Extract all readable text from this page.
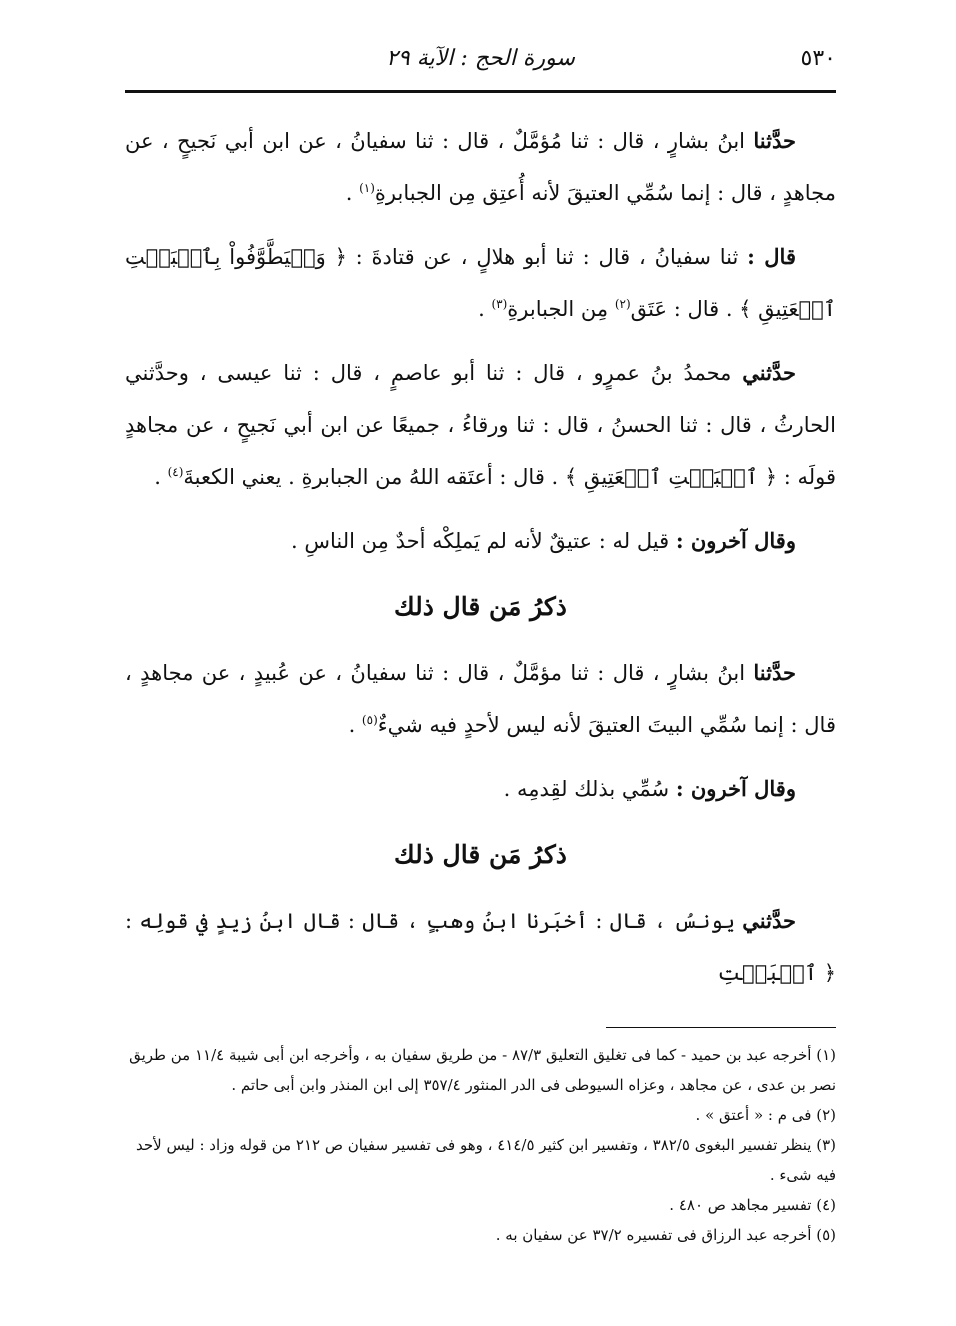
٥٣٠
سورة الحج : الآية ٢٩

حدَّثنا ابنُ بشارٍ ، قال : ثنا مُؤمَّلٌ ، قال : ثنا سفيانُ ، عن ابن أبي نَجيحٍ ، عن مجاهدٍ ، قال : إنما سُمِّي العتيقَ لأنه أُعتِق مِن الجبابرةِ$^{(١)}$ .

قال : ثنا سفيانُ ، قال : ثنا أبو هلالٍ ، عن قتادةَ : ﴿ وَلۡيَطَّوَّفُواْ بِٱلۡبَيۡتِ ٱلۡعَتِيقِ ﴾ . قال : عَتَق$^{(٢)}$ مِن الجبابرةِ$^{(٣)}$ .

حدَّثني محمدُ بنُ عمرٍو ، قال : ثنا أبو عاصمٍ ، قال : ثنا عيسى ، وحدَّثني الحارثُ ، قال : ثنا الحسنُ ، قال : ثنا ورقاءُ ، جميعًا عن ابن أبي نَجيحٍ ، عن مجاهدٍ قولَه : ﴿ ٱلۡبَيۡتِ ٱلۡعَتِيقِ ﴾ . قال : أعتَقه اللهُ من الجبابرةِ . يعني الكعبةَ$^{(٤)}$ .

وقال آخرون : قيل له : عتيقٌ لأنه لم يَملِكْه أحدٌ مِن الناسِ .

ذكرُ مَن قال ذلك

حدَّثنا ابنُ بشارٍ ، قال : ثنا مؤمَّلٌ ، قال : ثنا سفيانُ ، عن عُبيدٍ ، عن مجاهدٍ ، قال : إنما سُمِّي البيتَ العتيقَ لأنه ليس لأحدٍ فيه شيءٌ$^{(٥)}$ .

وقال آخرون : سُمِّي بذلك لقِدمِه .

ذكرُ مَن قال ذلك

حدَّثني يونسُ ، قال : أخبَرنا ابنُ وهبٍ ، قال : قال ابنُ زيدٍ في قولِه : ﴿ ٱلۡبَيۡتِ

(١) أخرجه عبد بن حميد - كما فى تغليق التعليق ٨٧/٣ - من طريق سفيان به ، وأخرجه ابن أبى شيبة ١١/٤ من طريق نصر بن عدى ، عن مجاهد ، وعزاه السيوطى فى الدر المنثور ٣٥٧/٤ إلى ابن المنذر وابن أبى حاتم .

(٢) فى م : « أعتق » .

(٣) ينظر تفسير البغوى ٣٨٢/٥ ، وتفسير ابن كثير ٤١٤/٥ ، وهو فى تفسير سفيان ص ٢١٢ من قوله وزاد : ليس لأحد فيه شىء .

(٤) تفسير مجاهد ص ٤٨٠ .

(٥) أخرجه عبد الرزاق فى تفسيره ٣٧/٢ عن سفيان به .
